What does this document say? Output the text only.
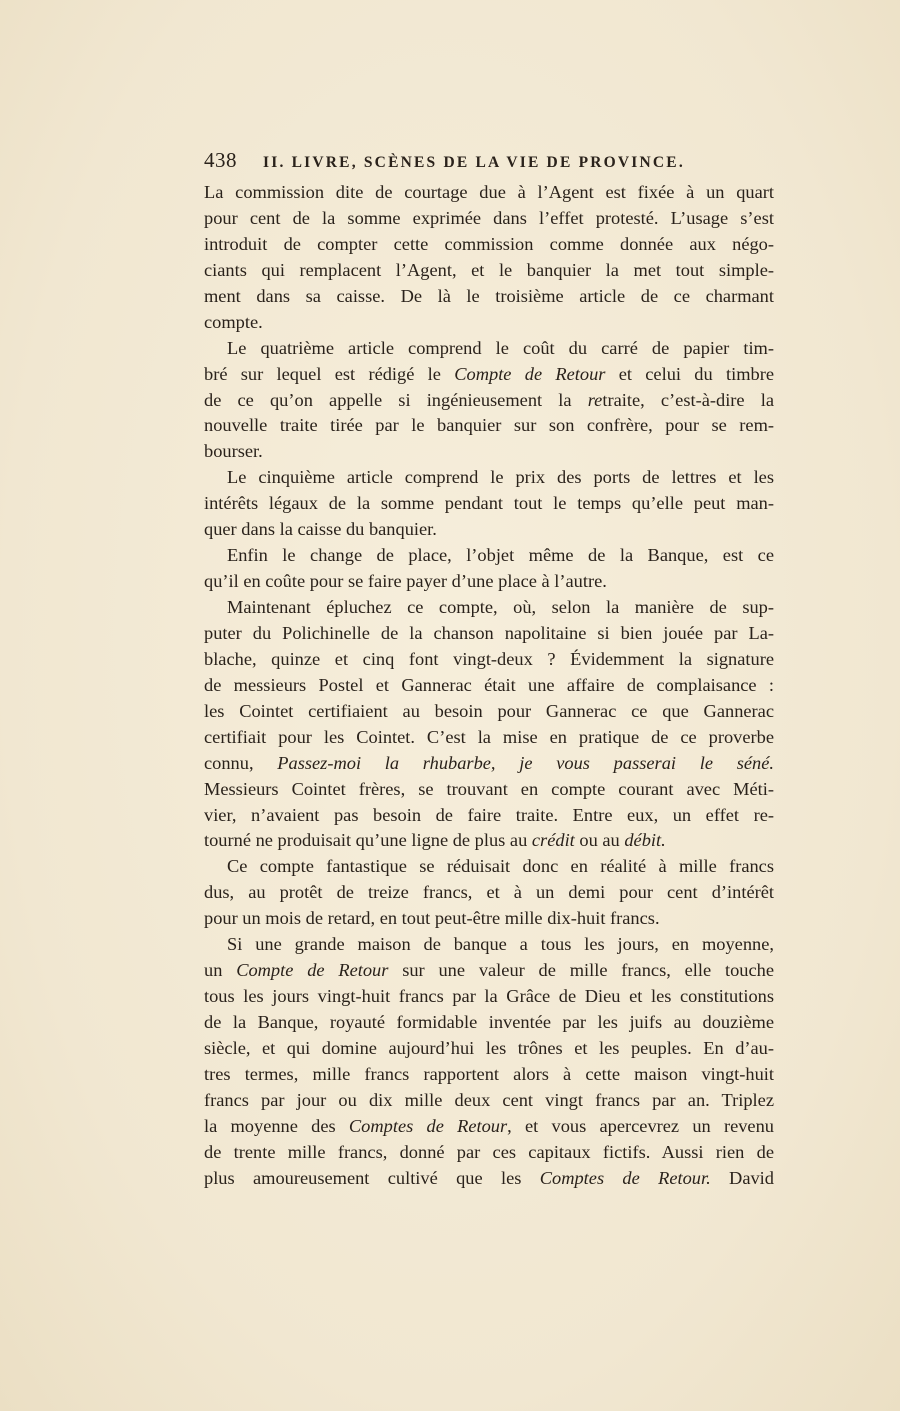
438 II. LIVRE, SCÈNES DE LA VIE DE PROVINCE.
La commission dite de courtage due à l’Agent est fixée à un quart
pour cent de la somme exprimée dans l’effet protesté. L’usage s’est
introduit de compter cette commission comme donnée aux négo-
ciants qui remplacent l’Agent, et le banquier la met tout simple-
ment dans sa caisse. De là le troisième article de ce charmant
compte.
Le quatrième article comprend le coût du carré de papier tim-
bré sur lequel est rédigé le Compte de Retour et celui du timbre
de ce qu’on appelle si ingénieusement la retraite, c’est-à-dire la
nouvelle traite tirée par le banquier sur son confrère, pour se rem-
bourser.
Le cinquième article comprend le prix des ports de lettres et les
intérêts légaux de la somme pendant tout le temps qu’elle peut man-
quer dans la caisse du banquier.
Enfin le change de place, l’objet même de la Banque, est ce
qu’il en coûte pour se faire payer d’une place à l’autre.
Maintenant épluchez ce compte, où, selon la manière de sup-
puter du Polichinelle de la chanson napolitaine si bien jouée par La-
blache, quinze et cinq font vingt-deux ? Évidemment la signature
de messieurs Postel et Gannerac était une affaire de complaisance :
les Cointet certifiaient au besoin pour Gannerac ce que Gannerac
certifiait pour les Cointet. C’est la mise en pratique de ce proverbe
connu, Passez-moi la rhubarbe, je vous passerai le séné.
Messieurs Cointet frères, se trouvant en compte courant avec Méti-
vier, n’avaient pas besoin de faire traite. Entre eux, un effet re-
tourné ne produisait qu’une ligne de plus au crédit ou au débit.
Ce compte fantastique se réduisait donc en réalité à mille francs
dus, au protêt de treize francs, et à un demi pour cent d’intérêt
pour un mois de retard, en tout peut-être mille dix-huit francs.
Si une grande maison de banque a tous les jours, en moyenne,
un Compte de Retour sur une valeur de mille francs, elle touche
tous les jours vingt-huit francs par la Grâce de Dieu et les constitutions
de la Banque, royauté formidable inventée par les juifs au douzième
siècle, et qui domine aujourd’hui les trônes et les peuples. En d’au-
tres termes, mille francs rapportent alors à cette maison vingt-huit
francs par jour ou dix mille deux cent vingt francs par an. Triplez
la moyenne des Comptes de Retour, et vous apercevrez un revenu
de trente mille francs, donné par ces capitaux fictifs. Aussi rien de
plus amoureusement cultivé que les Comptes de Retour. David
